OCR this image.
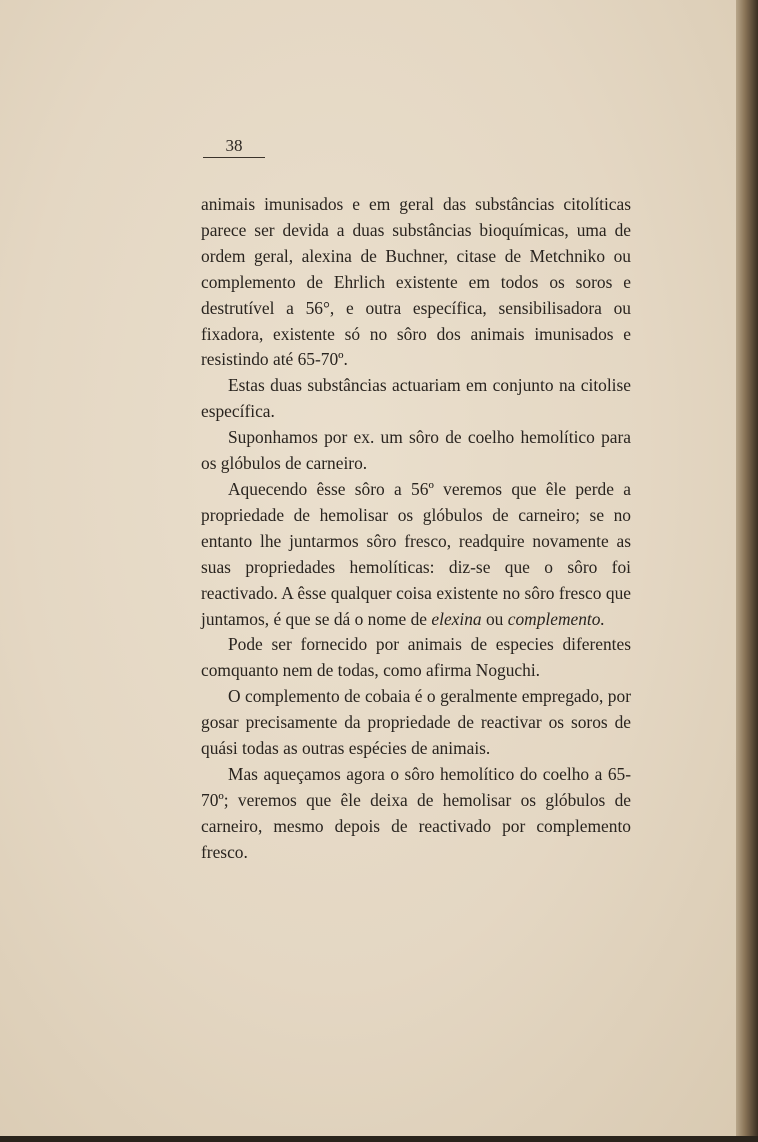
38

animais imunisados e em geral das substâncias citolíticas parece ser devida a duas substâncias bioquímicas, uma de ordem geral, alexina de Buchner, citase de Metchniko ou complemento de Ehrlich existente em todos os soros e destrutível a 56°, e outra específica, sensibilisadora ou fixadora, existente só no sôro dos animais imunisados e resistindo até 65-70º.

Estas duas substâncias actuariam em conjunto na citolise específica.

Suponhamos por ex. um sôro de coelho hemolítico para os glóbulos de carneiro.

Aquecendo êsse sôro a 56º veremos que êle perde a propriedade de hemolisar os glóbulos de carneiro; se no entanto lhe juntarmos sôro fresco, readquire novamente as suas propriedades hemolíticas: diz-se que o sôro foi reactivado. A êsse qualquer coisa existente no sôro fresco que juntamos, é que se dá o nome de elexina ou complemento.

Pode ser fornecido por animais de especies diferentes comquanto nem de todas, como afirma Noguchi.

O complemento de cobaia é o geralmente empregado, por gosar precisamente da propriedade de reactivar os soros de quási todas as outras espécies de animais.

Mas aqueçamos agora o sôro hemolítico do coelho a 65-70º; veremos que êle deixa de hemolisar os glóbulos de carneiro, mesmo depois de reactivado por complemento fresco.
